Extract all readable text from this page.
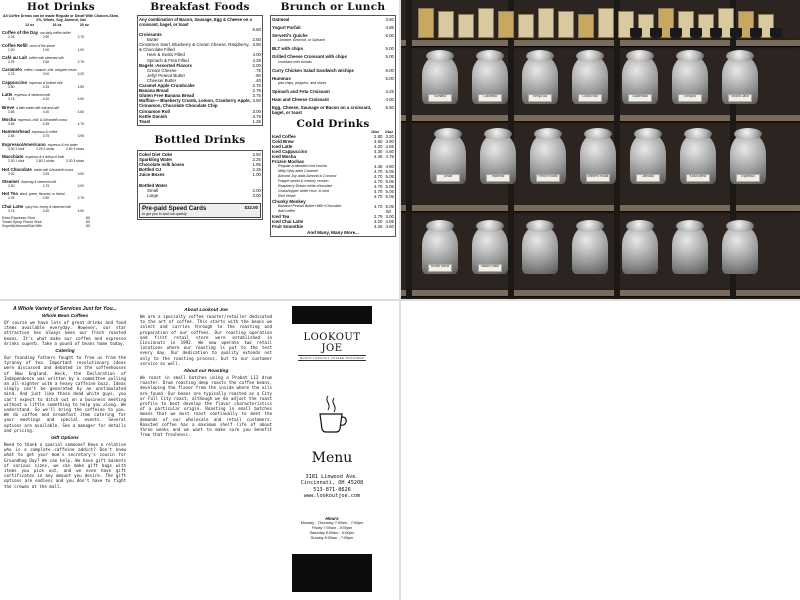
Hot Drinks
All Coffee Drinks can be made Regular or Decaf With Choices-Skim, 2%, Whole, Soy, Almond, Oat
12 oz	16 oz	20 oz
Coffee of the Day our daily coffee buffet
2.25	2.50	2.75
Coffee Refill none of the above
1.00	1.00	1.00
Café au Lait coffee with steamed milk
2.25	2.50	2.75
Caramelo coffee, caramel, milk, whipped cream
2.75	3.00	3.25
Cappuccino espresso & frothed milk
3.80	4.25	4.55
Latte espresso & steamed milk
3.75	4.20	4.50
Breve a latte made with half-and-half
3.85	4.30	4.60
Mocha espresso, milk, & Ghirardelli cocoa
3.65	4.35	4.75
Hammerhead espresso & coffee
2.85	3.75	3.95
Espresso/Americano espresso & hot water
2.00 1 shot	2.25 2 shots	2.80 3 shots
Macchiato espresso & a dollop of froth
2.00 1 shot	2.80 2 shots	3.20 3 shots
Hot Chocolate made with Ghirardelli cocoa
3.00	3.25	3.50
Steamer flavoring & steamed milk
2.50	2.75	3.00
Hot Tea black, green, flavored, or herbal
2.25	2.50	2.75
Chai Latte spicy tea, honey & steamed milk
3.75	4.20	4.50
Extra Espresso Shot	.60
Torani Syrup Flavor Shot	.50
Soymilk/Almond/Oat Milk	.50
Breakfast Foods
Any combination of Bacon, Sausage, Egg & Cheese on a croissant, bagel, or toast
5.50
Croissants
Butter	2.50
Cinnamon Swirl, Blueberry & Cream Cheese, Raspberry, & Chocolate Filled
3.50
Ham & Swiss Filled	4.00
Spinach & Feta Filled	4.25
Bagels -Assorted Flavors	2.00
Cream Cheese	.75
Jelly/ Peanut Butter	.50
Cheese/ Butter	.40
Caramel Apple Crumbcake	2.75
Banana Bread	2.75
Gluten Free Banana Bread	3.75
Muffins— Blueberry Crumb, Lemon, Cranberry Apple, Cinnamon, Chocolate Chocolate Chip
3.50
Cinnamon Roll	3.00
Kettle Danish	3.75
Toast	1.25
Bottled Drinks
Coke/ Diet Coke	2.50
Sparkling Water	2.25
Chocolate milk boxes	1.85
Bottled OJ	2.25
Juice Boxes	1.00
Bottled Water
Small	2.00
Large	3.00
Pre-paid Speed Cards	$32.00
to get you in and out quickly
Brunch or Lunch
Oatmeal	3.50
Yogurt Parfait	4.95
Servetti's Quiche
Lorraine, Broccoli, or Spinach
6.00
BLT with chips	5.00
Grilled Cheese Croissant with chips
croissant with tomato
5.00
Curry Chicken Salad Sandwich w/chips	6.00
Hummus
pita chips, peppers, and olives
5.00
Spinach and Feta Croissant	4.25
Ham and Cheese Croissant	4.00
Egg, Cheese, Sausage or Bacon on a croissant, bagel, or toast
5.50
Cold Drinks
16oz 24oz
Iced Coffee	2.80 3.20
Cold Brew	3.50 3.90
Iced Latte	4.20 4.55
Iced Cappuccino	4.30 4.60
Iced Mocha	4.45 4.75
Frozen Mochas
Regular a blended iced mocha	4.45 4.80
Milky Way adds Caramel	4.70 5.05
Almond Joy adds Almond & Coconut	4.70 5.05
Frappe sweet & creamy version	4.70 5.05
Raspberry Dream white chocolate	4.70 5.05
Grasshopper white choc. & mint	4.70 5.05
Red Velvet	4.70 5.05
Chunky Monkey
Banana+Peanut Butter+Milk+Chocolate	4.70 5.05
Add coffee	.50
Iced Tea	2.75 3.00
Iced Chai Latte	4.20 4.55
Fruit Smoothie	4.25 4.60
And Many, Many More...
Sumatra	Colombia	Kenya AA	Costa Rica	Guatemala	Ethiopia	Mocha Java
Decaf	Hazelnut	French Roast	Winter's Roast	Jamaica	Kona Blend	Espresso
House Blend	Italian Roast
A Whole Variety of Services Just for You...
Whole Bean Coffees
Of course we have lots of great drinks and food items available everyday. However, our star attraction has always been our fresh roasted beans. It's what make our coffee and espresso drinks superb. Take a pound of beans home today.
Catering
Our founding fathers fought to free us from the tyranny of tea. Important revolutionary ideas were discussed and debated in the coffeehouses of New England. Heck, the Declaration of Independence was written by a committee pulling an all-nighter with a heavy caffeine buzz. Ideas simply can't be generated by an unstimulated mind. And just like those dead white guys, you can't expect to ditch out on a business meeting without a little something to help you along. We understand. So we'll bring the caffeine to you. We do coffee and breakfast item catering for your meetings and special events. Several options are available. See a manager for details and pricing.
Gift Options
Need to thank a special someone? Have a relative who is a complete caffeine addict? Don't know what to get your mom's secretary's cousin for Groundhog Day? We can help. We have gift baskets of various sizes, we can make gift bags with items you pick out, and we even have gift certificates in any amount you desire. The gift options are endless and you don't have to fight the crowds at the mall.
About Lookout Joe
We are a specialty coffee roaster/retailer dedicated to the art of coffee. This starts with the beans we select and carries through to the roasting and preparation of our coffees. Our roasting operation and first retail store were established in Cincinnati in 1992. We now operate two retail locations where our roasting is put to the test every day. Our dedication to quality extends not only to the roasting process, but to our customer service as well.
About our Roasting
We roast in small batches using a Probat L12 drum roaster. Drum roasting deep roasts the coffee beans, developing the flavor from the inside where the oils are found. Our beans are typically roasted as a City or Full City roast, although we do adjust the roast profile to best develop the flavor characteristics of a particular origin. Roasting in small batches means that we must roast continually to meet the demands of our wholesale and retail customers. Roasted coffee has a maximum shelf life of about three weeks and we want to make sure you benefit from that freshness.
LOOKOUT JOE
MOUNT LOOKOUT COFFEE ROASTERS
Menu
3181 Linwood Ave.
Cincinnati, OH 45208
513-871-8626
www.lookoutjoe.com
Hours
Monday - Thursday 7:00am - 7:00pm
Friday 7:00am - 9:00pm
Saturday 8:00am - 9:00pm
Sunday 8:00am - 7:00pm
